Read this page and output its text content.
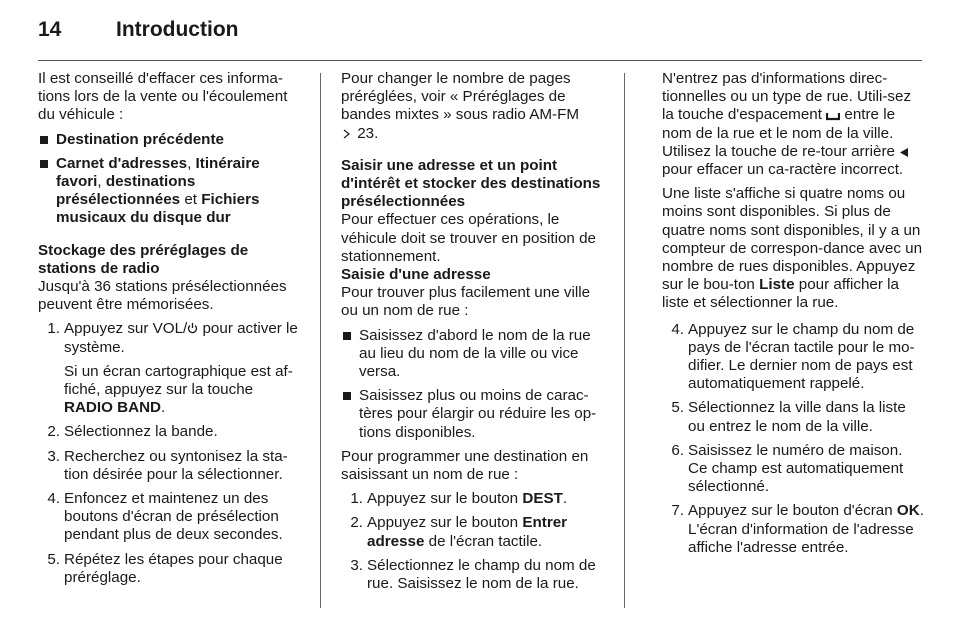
14	Introduction

Il est conseillé d'effacer ces informa-tions lors de la vente ou l'écoulement du véhicule :

Destination précédente
Carnet d'adresses, Itinéraire favori, destinations présélectionnées et Fichiers musicaux du disque dur

Stockage des préréglages de stations de radio

Jusqu'à 36 stations présélectionnées peuvent être mémorisées.

1. Appuyez sur VOL/ pour activer le système.

Si un écran cartographique est af-fiché, appuyez sur la touche RADIO BAND.

2. Sélectionnez la bande.
3. Recherchez ou syntonisez la sta-tion désirée pour la sélectionner.
4. Enfoncez et maintenez un des boutons d'écran de présélection pendant plus de deux secondes.
5. Répétez les étapes pour chaque préréglage.

Pour changer le nombre de pages préréglées, voir « Préréglages de bandes mixtes » sous radio AM-FM
23.

Saisir une adresse et un point d'intérêt et stocker des destinations présélectionnées

Pour effectuer ces opérations, le véhicule doit se trouver en position de stationnement.

Saisie d'une adresse

Pour trouver plus facilement une ville ou un nom de rue :

Saisissez d'abord le nom de la rue au lieu du nom de la ville ou vice versa.
Saisissez plus ou moins de carac-tères pour élargir ou réduire les op-tions disponibles.

Pour programmer une destination en saisissant un nom de rue :

1. Appuyez sur le bouton DEST.
2. Appuyez sur le bouton Entrer adresse de l'écran tactile.
3. Sélectionnez le champ du nom de rue. Saisissez le nom de la rue.

N'entrez pas d'informations direc-tionnelles ou un type de rue. Utili-sez la touche d'espacement  entre le nom de la rue et le nom de la ville. Utilisez la touche de re-tour arrière  pour effacer un ca-ractère incorrect.

Une liste s'affiche si quatre noms ou moins sont disponibles. Si plus de quatre noms sont disponibles, il y a un compteur de correspon-dance avec un nombre de rues disponibles. Appuyez sur le bou-ton Liste pour afficher la liste et sélectionner la rue.

4. Appuyez sur le champ du nom de pays de l'écran tactile pour le mo-difier. Le dernier nom de pays est automatiquement rappelé.
5. Sélectionnez la ville dans la liste ou entrez le nom de la ville.
6. Saisissez le numéro de maison. Ce champ est automatiquement sélectionné.
7. Appuyez sur le bouton d'écran OK. L'écran d'information de l'adresse affiche l'adresse entrée.
